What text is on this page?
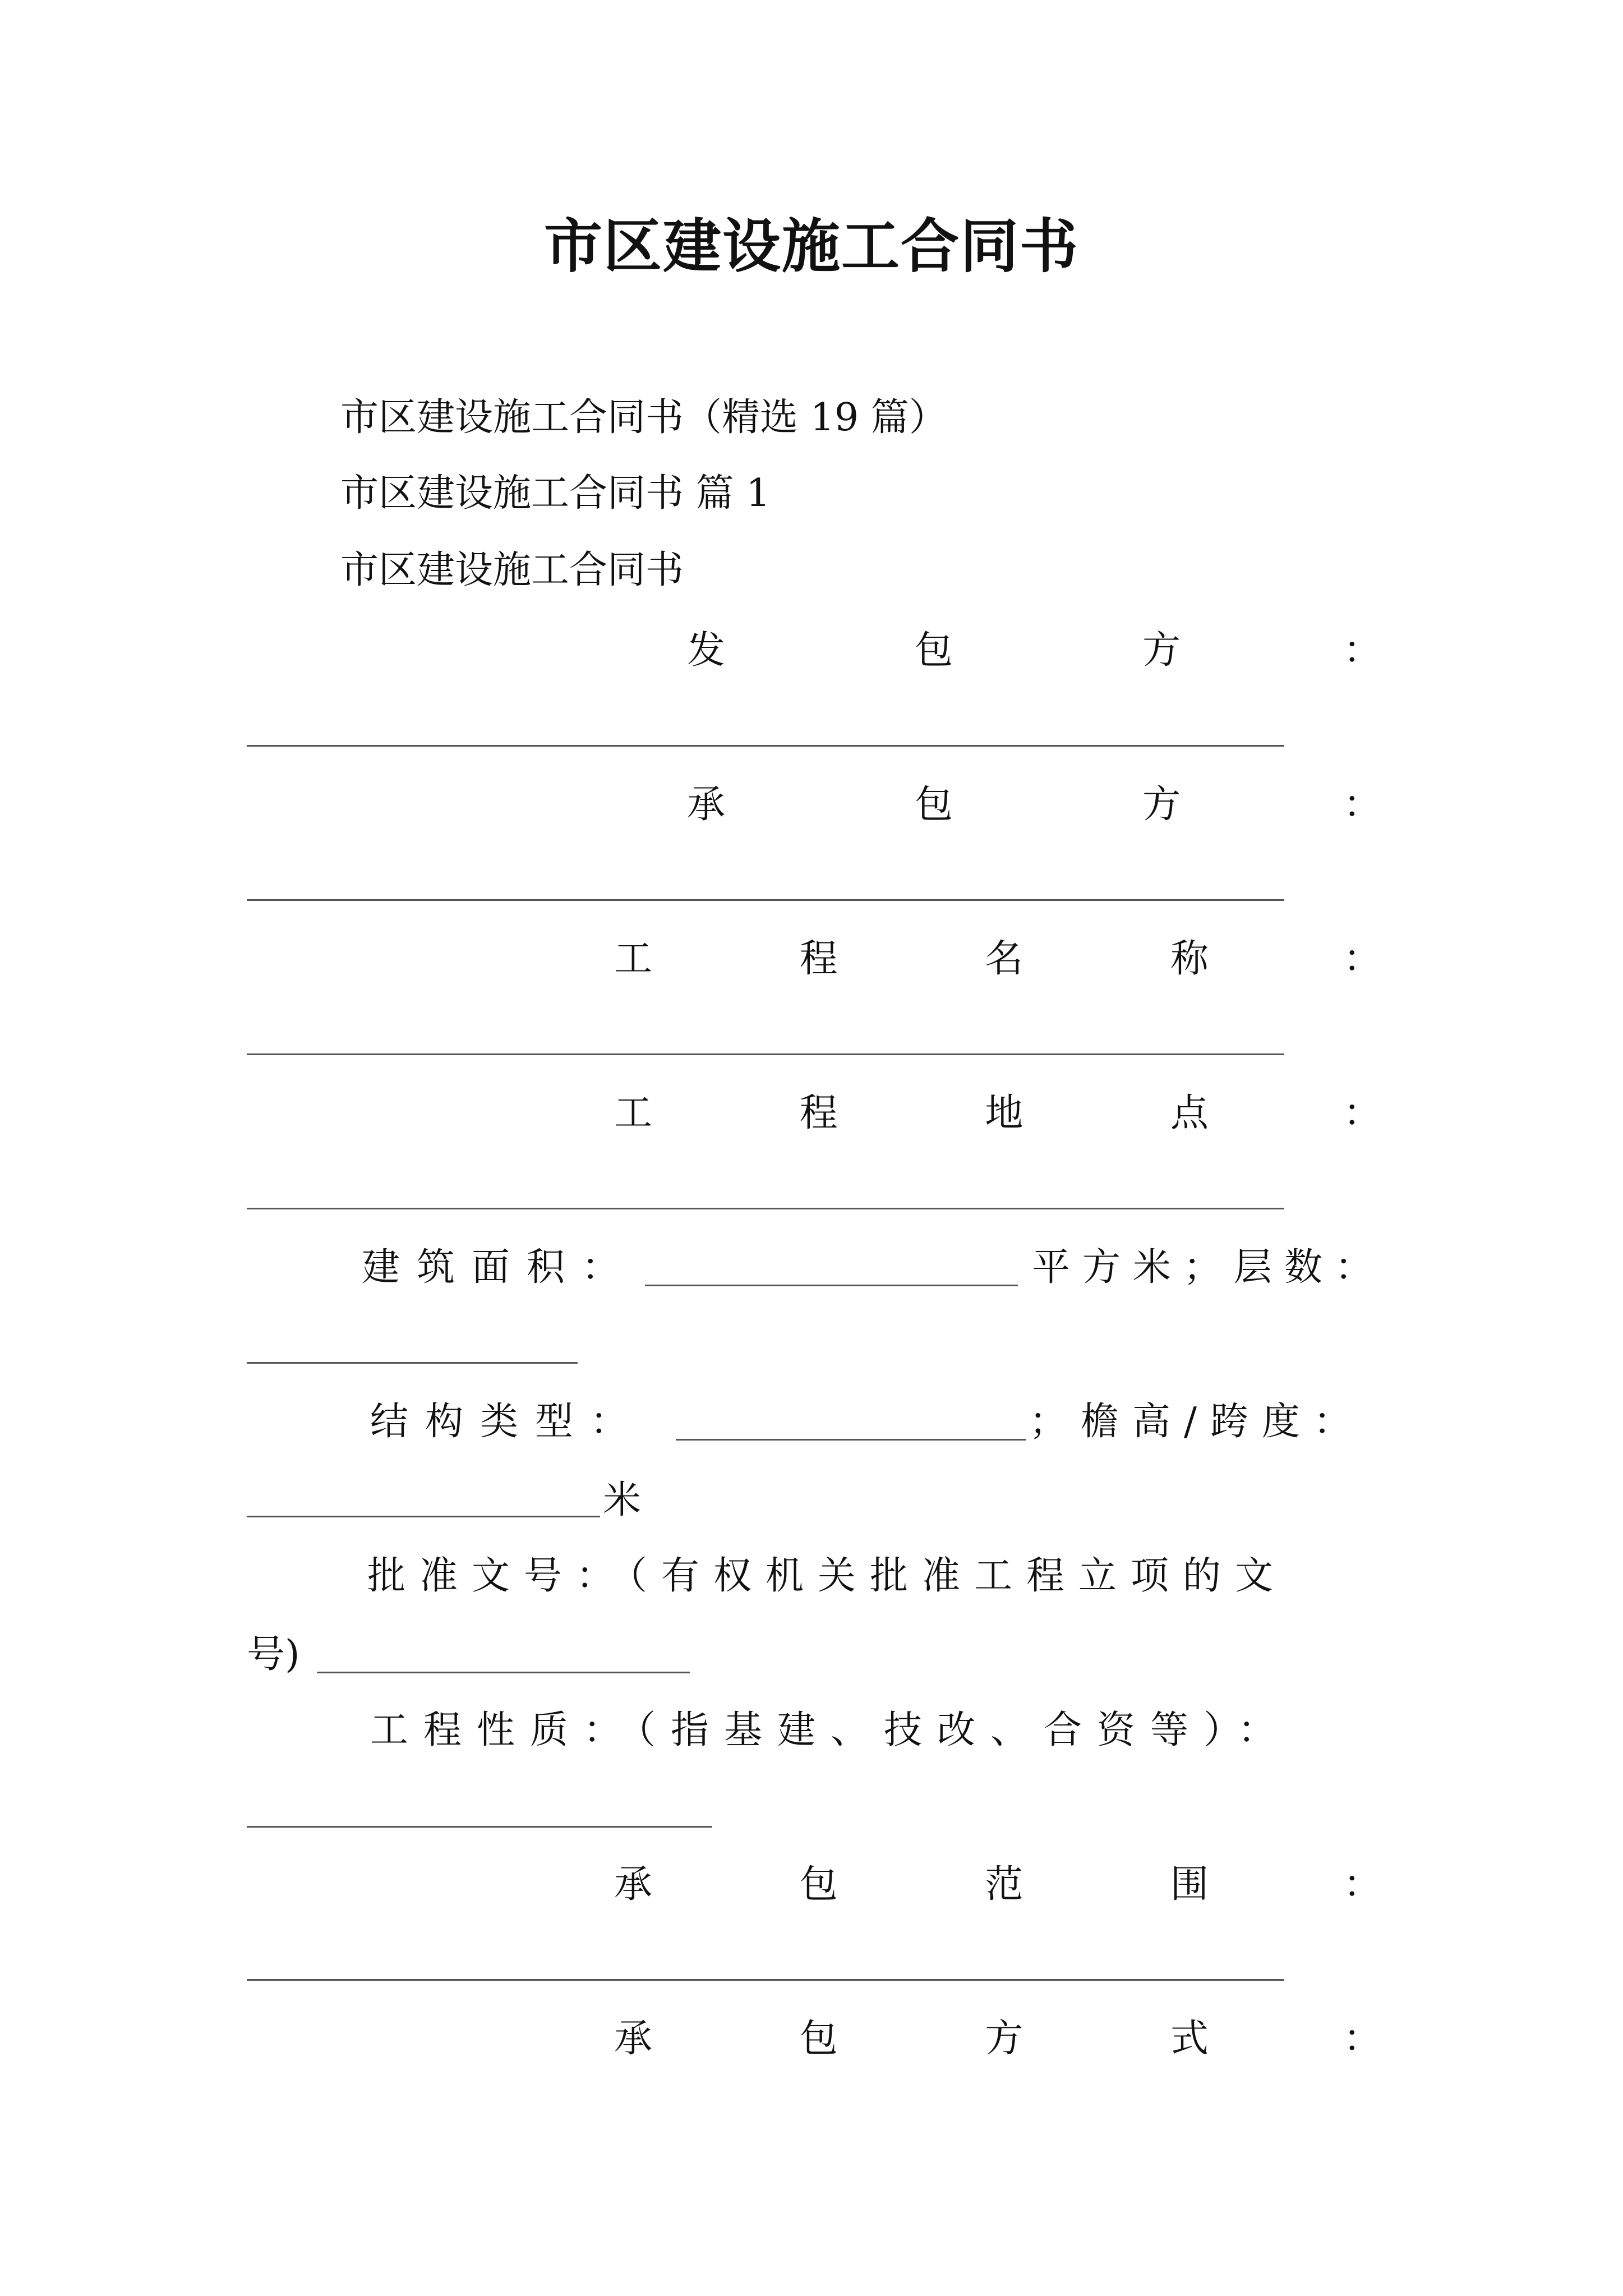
市区建设施工合同书
市区建设施工合同书（精选 19 篇）
市区建设施工合同书 篇 1
市区建设施工合同书
发	包	方	：
承	包	方	：
工	程	名	称	：
工	程	地	点	：
建筑面积：	平方米；层数：
结构类型：	；檐高/跨度：
米
批准文号：（有权机关批准工程立项的文
号)
工程性质：（指基建、技改、合资等）：
承	包	范	围	：
承	包	方	式	：
